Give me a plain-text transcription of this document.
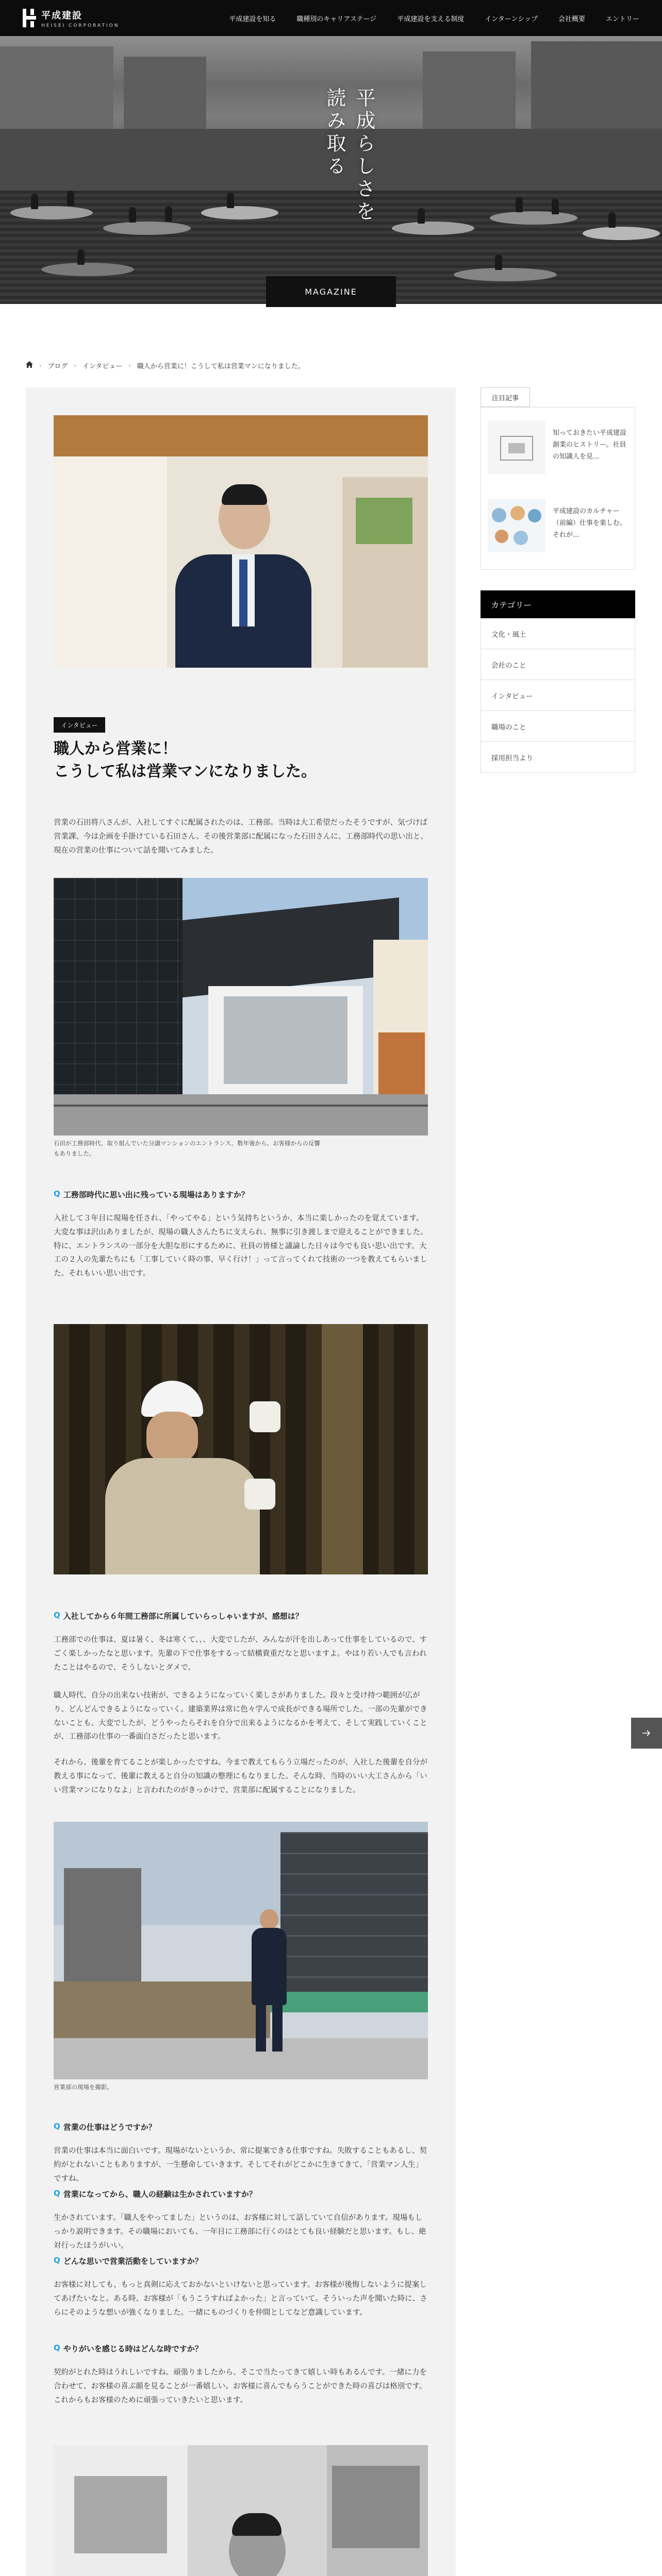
平成建設
HEISEI CORPORATION
平成建設を知る	職種別のキャリアステージ	平成建設を支える制度	インターンシップ	会社概要	エントリー
平成らしさを
読み取る
MAGAZINE
› ブログ › インタビュー › 職人から営業に！こうして私は営業マンになりました。
インタビュー
職人から営業に！
こうして私は営業マンになりました。

営業の石田将八さんが、入社してすぐに配属されたのは、工務部。当時は大工希望だったそうですが、気づけば営業課、今は企画を手掛けている石田さん。その後営業部に配属になった石田さんに、工務部時代の思い出と、現在の営業の仕事について話を聞いてみました。

石田が工務部時代、取り組んでいた分譲マンションのエントランス。数年後から、お客様からの反響もありました。

Q 工務部時代に思い出に残っている現場はありますか？

入社して３年目に現場を任され、「やってやる」という気持ちというか、本当に楽しかったのを覚えています。大変な事は沢山ありましたが、現場の職人さんたちに支えられ、無事に引き渡しまで迎えることができました。特に、エントランスの一部分を大胆な形にするために、社員の皆様と議論した日々は今でも良い思い出です。大工の２人の先輩たちにも「工事していく時の事、早く行け！」って言ってくれて技術の一つを教えてもらいました。それもいい思い出です。

Q 入社してから６年間工務部に所属していらっしゃいますが、感想は？

工務部での仕事は、夏は暑く、冬は寒くて、、、大変でしたが、みんなが汗を出しあって仕事をしているので、すごく楽しかったなと思います。先輩の下で仕事をするって結構貴重だなと思いますよ。やはり若い人でも言われたことはやるので、そうしないとダメで。

職人時代、自分の出来ない技術が、できるようになっていく楽しさがありました。段々と受け持つ範囲が広がり、どんどんできるようになっていく。建築業界は常に色々学んで成長ができる場所でした。一部の先輩ができないことも、大変でしたが、どうやったらそれを自分で出来るようになるかを考えて、そして実践していくことが、工務部の仕事の一番面白さだったと思います。

それから、後輩を育てることが楽しかったですね。今まで教えてもらう立場だったのが、入社した後輩を自分が教える事になって、後輩に教えると自分の知識の整理にもなりました。そんな時、当時のいい大工さんから「いい営業マンになりなよ」と言われたのがきっかけで、営業部に配属することになりました。

営業部の現場を撮影。

Q 営業の仕事はどうですか？

営業の仕事は本当に面白いです。現場がないというか、常に提案できる仕事ですね。失敗することもあるし、契約がとれないこともありますが、一生懸命していきます。そしてそれがどこかに生きてきて、「営業マン人生」ですね。

Q 営業になってから、職人の経験は生かされていますか？

生かされています。「職人をやってました」というのは、お客様に対して話していて自信があります。現場もしっかり説明できます。その職場においても、一年目に工務部に行くのはとても良い経験だと思います。もし、絶対行ったほうがいい。

Q どんな思いで営業活動をしていますか？

お客様に対しても、もっと真剣に応えておかないといけないと思っています。お客様が後悔しないように提案してあげたいなと。ある時、お客様が「もうこうすればよかった」と言っていて。そういった声を聞いた時に、さらにそのような想いが強くなりました。一緒にものづくりを仲間としてなど意識しています。

Q やりがいを感じる時はどんな時ですか？

契約がとれた時はうれしいですね。頑張りましたから、そこで当たってきて嬉しい時もあるんです。一緒に力を合わせて、お客様の喜ぶ顔を見ることが一番嬉しい。お客様に喜んでもらうことができた時の喜びは格別です。これからもお客様のために頑張っていきたいと思います。

注目記事

知っておきたい平成建設創業のヒストリー。社員の知識人を見...

平成建設のカルチャー（前編）仕事を楽しむ。それが...

カテゴリー
文化・風土
会社のこと
インタビュー
職場のこと
採用担当より
